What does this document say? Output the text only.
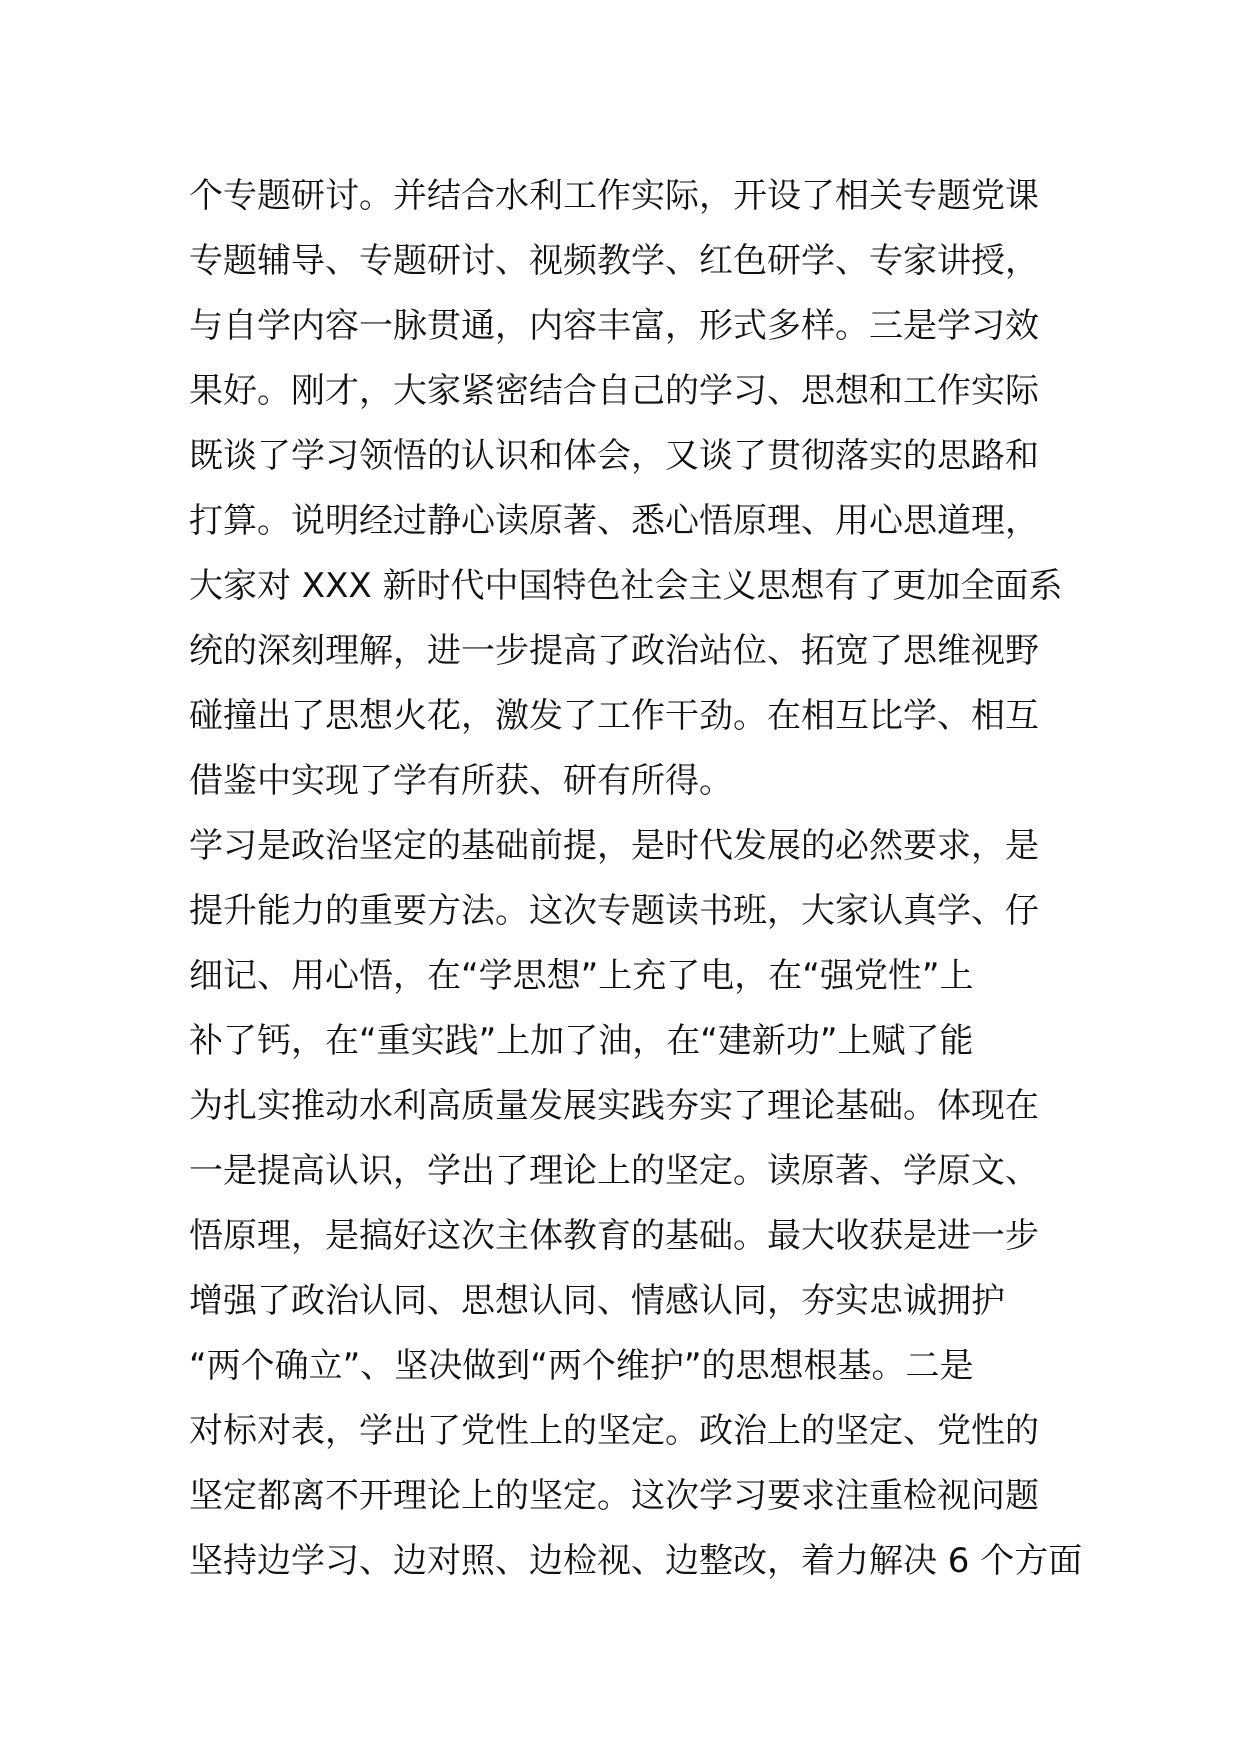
个专题研讨。并结合水利工作实际，开设了相关专题党课
专题辅导、专题研讨、视频教学、红色研学、专家讲授，
与自学内容一脉贯通，内容丰富，形式多样。三是学习效
果好。刚才，大家紧密结合自己的学习、思想和工作实际
既谈了学习领悟的认识和体会，又谈了贯彻落实的思路和
打算。说明经过静心读原著、悉心悟原理、用心思道理，
大家对 XXX 新时代中国特色社会主义思想有了更加全面系
统的深刻理解，进一步提高了政治站位、拓宽了思维视野
碰撞出了思想火花，激发了工作干劲。在相互比学、相互
借鉴中实现了学有所获、研有所得。
学习是政治坚定的基础前提，是时代发展的必然要求，是
提升能力的重要方法。这次专题读书班，大家认真学、仔
细记、用心悟，在“学思想”上充了电，在“强党性”上
补了钙，在“重实践”上加了油，在“建新功”上赋了能
为扎实推动水利高质量发展实践夯实了理论基础。体现在
一是提高认识，学出了理论上的坚定。读原著、学原文、
悟原理，是搞好这次主体教育的基础。最大收获是进一步
增强了政治认同、思想认同、情感认同，夯实忠诚拥护
“两个确立”、坚决做到“两个维护”的思想根基。二是
对标对表，学出了党性上的坚定。政治上的坚定、党性的
坚定都离不开理论上的坚定。这次学习要求注重检视问题
坚持边学习、边对照、边检视、边整改，着力解决 6 个方面
